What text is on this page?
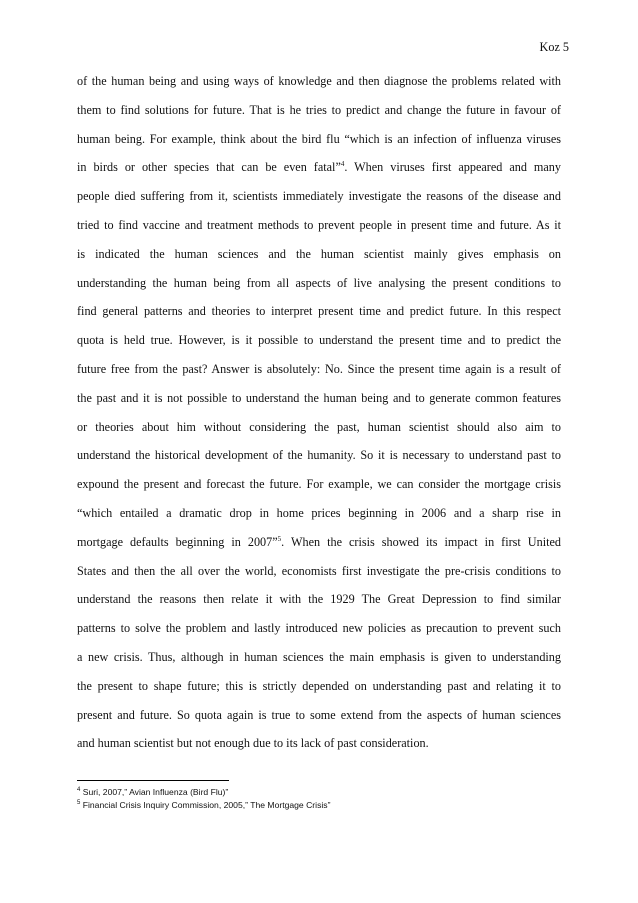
Koz 5
of the human being and using ways of knowledge and then diagnose the problems related with
them to find solutions for future. That is he tries to predict and change the future in favour of
human being. For example, think about the bird flu “which is an infection of influenza viruses
in birds or other species that can be even fatal”$^4$. When viruses first appeared and many
people died suffering from it, scientists immediately investigate the reasons of the disease and
tried to find vaccine and treatment methods to prevent people in present time and future. As it
is indicated the human sciences and the human scientist mainly gives emphasis on
understanding the human being from all aspects of live analysing the present conditions to
find general patterns and theories to interpret present time and predict future. In this respect
quota is held true. However, is it possible to understand the present time and to predict the
future free from the past? Answer is absolutely: No. Since the present time again is a result of
the past and it is not possible to understand the human being and to generate common features
or theories about him without considering the past, human scientist should also aim to
understand the historical development of the humanity. So it is necessary to understand past to
expound the present and forecast the future. For example, we can consider the mortgage crisis
“which entailed a dramatic drop in home prices beginning in 2006 and a sharp rise in
mortgage defaults beginning in 2007”$^5$. When the crisis showed its impact in first United
States and then the all over the world, economists first investigate the pre-crisis conditions to
understand the reasons then relate it with the 1929 The Great Depression to find similar
patterns to solve the problem and lastly introduced new policies as precaution to prevent such
a new crisis. Thus, although in human sciences the main emphasis is given to understanding
the present to shape future; this is strictly depended on understanding past and relating it to
present and future. So quota again is true to some extend from the aspects of human sciences
and human scientist but not enough due to its lack of past consideration.
$^4$ Suri, 2007,” Avian Influenza (Bird Flu)”
$^5$ Financial Crisis Inquiry Commission, 2005,” The Mortgage Crisis”
